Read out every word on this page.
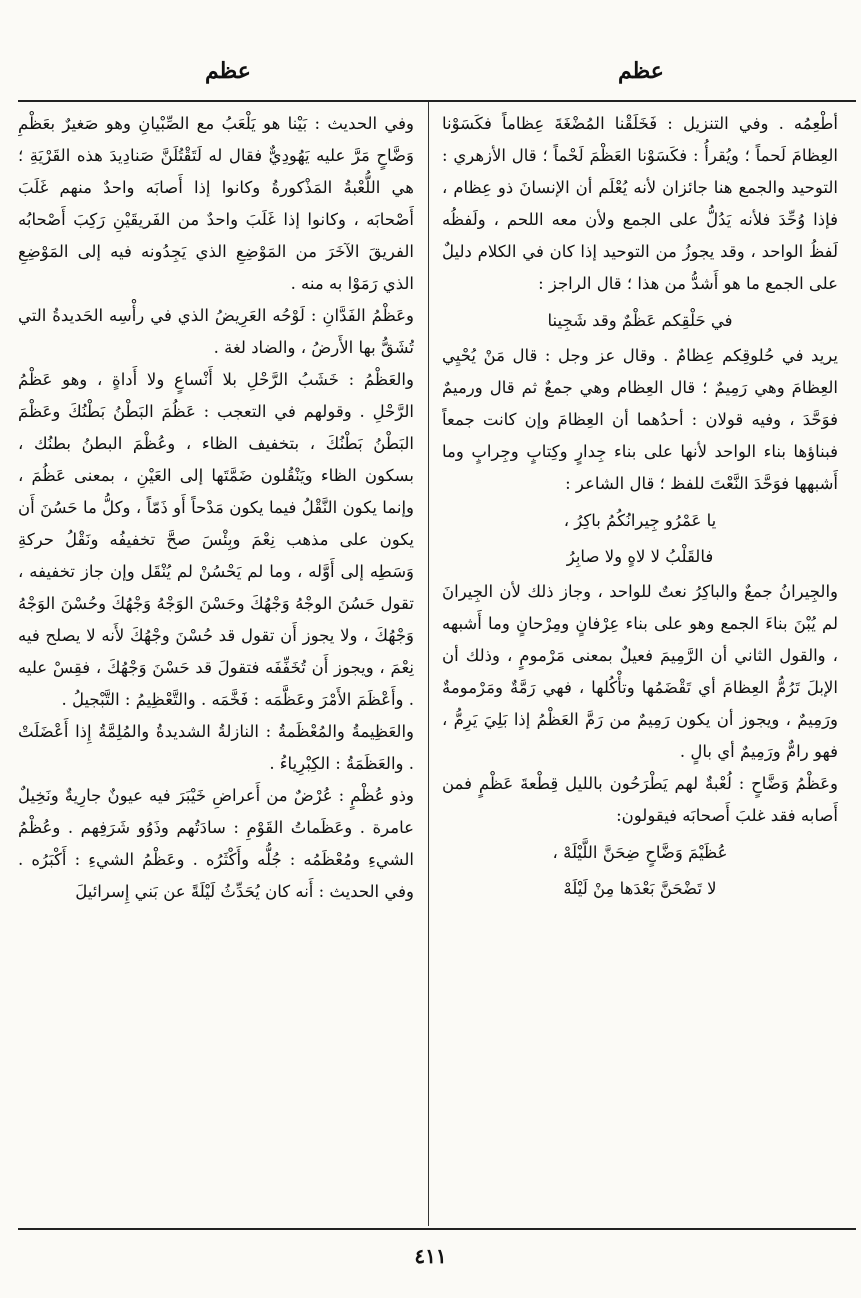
عظم
عظم

أطْعِمُه . وفي التنزيل : فَخَلَقْنا المُضْغَةَ عِظاماً فكَسَوْنا العِظامَ لَحماً ؛ ويُقرأُ : فكَسَوْنا العَظْمَ لَحْماً ؛ قال الأزهري : التوحيد والجمع هنا جائزان لأنه يُعْلَم أن الإنسانَ ذو عِظام ، فإذا وُحِّدَ فلأنه يَدُلُّ على الجمع ولأن معه اللحم ، ولَفظُه لَفظُ الواحد ، وقد يجوزُ من التوحيد إذا كان في الكلام دليلٌ على الجمع ما هو أَشدُّ من هذا ؛ قال الراجز :

في حَلْقِكم عَظْمٌ وقد شَجِينا

يريد في حُلوقِكم عِظامٌ . وقال عز وجل : قال مَنْ يُحْيِي العِظامَ وهي رَمِيمٌ ؛ قال العِظام وهي جمعٌ ثم قال ورميمٌ فوَحَّدَ ، وفيه قولان : أحدُهما أن العِظامَ وإن كانت جمعاً فبناؤها بناء الواحد لأنها على بناء جِدارٍ وكِتابٍ وجِرابٍ وما أَشبهها فوَحَّدَ النَّعْتَ للفظ ؛ قال الشاعر :

يا عَمْرُو جِيرانُكُمُ باكِرُ ،
فالقَلْبُ لا لاهٍ ولا صابِرُ

والجِيرانُ جمعٌ والباكِرُ نعتٌ للواحد ، وجاز ذلك لأن الجِيرانَ لم يُبْنَ بناءَ الجمع وهو على بناء عِرْفانٍ ومِرْحانٍ وما أَشبهه ، والقول الثاني أن الرَّمِيمَ فعيلٌ بمعنى مَرْمومٍ ، وذلك أن الإبلَ تَرُمُّ العِظامَ أي تَقْضَمُها وتأْكُلها ، فهي رَمَّةٌ ومَرْمومةٌ ورَمِيمٌ ، ويجوز أن يكون رَمِيمٌ من رَمَّ العَظْمُ إذا بَلِيَ يَرِمُّ ، فهو رامٌّ ورَمِيمٌ أي بالٍ .

وعَظْمُ وَضَّاحٍ : لُعْبةٌ لهم يَطْرَحُون بالليل قِطْعةَ عَظْمٍ فمن أَصابه فقد غلبَ أَصحابَه فيقولون:

عُظَيْمَ وَضَّاحٍ ضِحَنَّ اللَّيْلَهْ ،
لا تَضْحَنَّ بَعْدَها مِنْ لَيْلَهْ

وفي الحديث : بَيْنا هو يَلْعَبُ مع الصِّبْيانِ وهو صَغيرٌ بعَظْمِ وَضَّاحٍ مَرَّ عليه يَهُودِيٌّ فقال له لَتَقْتُلَنَّ صَنادِيدَ هذه القَرْيَةِ ؛ هي اللُّعْبةُ المَذْكورةُ وكانوا إذا أَصابَه واحدٌ منهم غَلَبَ أَصْحابَه ، وكانوا إذا غَلَبَ واحدٌ من الفَريقَيْنِ رَكِبَ أَصْحابُه الفريقَ الآخَرَ من المَوْضِعِ الذي يَجِدُونه فيه إلى المَوْضِعِ الذي رَمَوْا به منه .

وعَظْمُ الفَدَّانِ : لَوْحُه العَرِيضُ الذي في رأْسِه الحَديدةُ التي تُشَقُّ بها الأَرضُ ، والضاد لغة .

والعَظْمُ : خَشَبُ الرَّحْلِ بلا أَنْساعٍ ولا أَداةٍ ، وهو عَظْمُ الرَّحْلِ . وقولهم في التعجب : عَظُمَ البَطْنُ بَطْنُكَ وعَظْمَ البَطْنُ بَطْنُكَ ، بتخفيف الظاء ، وعُظْمَ البطنُ بطنُك ، بسكون الظاء ويَنْقُلون ضَمَّتَها إلى العَيْنِ ، بمعنى عَظُمَ ، وإنما يكون النَّقْلُ فيما يكون مَدْحاً أَو ذَمّاً ، وكلُّ ما حَسُنَ أَن يكون على مذهب نِعْمَ وبِئْسَ صحَّ تخفيفُه ونَقْلُ حركةِ وَسَطِه إلى أَوَّله ، وما لم يَحْسُنْ لم يُنْقَل وإن جاز تخفيفه ، تقول حَسُنَ الوجْهُ وَجْهُكَ وحَسْنَ الوَجْهُ وَجْهُكَ وحُسْنَ الوَجْهُ وَجْهُكَ ، ولا يجوز أَن تقول قد حُسْنَ وجْهُكَ لأَنه لا يصلح فيه نِعْمَ ، ويجوز أَن تُخَفِّفَه فتقولَ قد حَسْنَ وَجْهُكَ ، فقِسْ عليه . وأَعْظَمَ الأَمْرَ وعَظَّمَه : فَخَّمَه . والتَّعْظِيمُ : التَّبْجيلُ .

والعَظِيمةُ والمُعْظَمةُ : النازلةُ الشديدةُ والمُلِمَّةُ إِذا أَعْضَلَتْ . والعَظَمَةُ : الكِبْرِياءُ .

وذو عُظْمٍ : عُرْضٌ من أَعراضِ خَيْبَرَ فيه عيونٌ جارِيةٌ ونَخِيلٌ عامرة . وعَظَماتُ القَوْمِ : سادَتُهم وذَوُو شَرَفِهم . وعُظْمُ الشيءِ ومُعْظَمُه : جُلُّه وأَكْثَرُه . وعَظْمُ الشيءِ : أَكْبَرُه . وفي الحديث : أَنه كان يُحَدِّثُ لَيْلَةً عن بَني إِسرائيلَ

٤١١
